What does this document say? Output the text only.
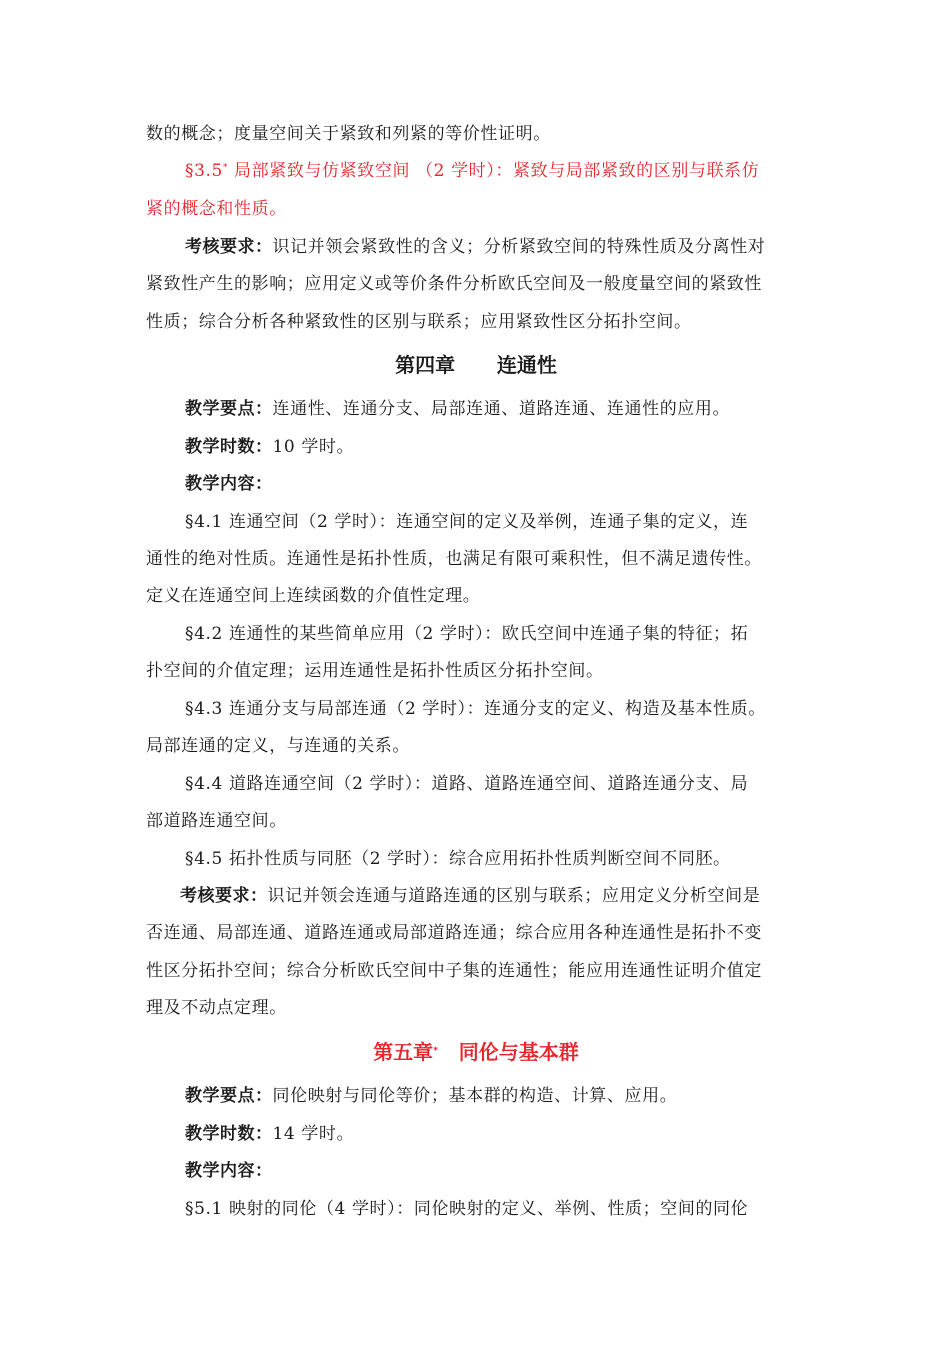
数的概念；度量空间关于紧致和列紧的等价性证明。
§3.5* 局部紧致与仿紧致空间 （2 学时）：紧致与局部紧致的区别与联系仿
紧的概念和性质。
考核要求：识记并领会紧致性的含义；分析紧致空间的特殊性质及分离性对
紧致性产生的影响；应用定义或等价条件分析欧氏空间及一般度量空间的紧致性
性质；综合分析各种紧致性的区别与联系；应用紧致性区分拓扑空间。
第四章      连通性
教学要点：连通性、连通分支、局部连通、道路连通、连通性的应用。
教学时数：10 学时。
教学内容：
§4.1 连通空间（2 学时）：连通空间的定义及举例，连通子集的定义，连
通性的绝对性质。连通性是拓扑性质，也满足有限可乘积性，但不满足遗传性。
定义在连通空间上连续函数的介值性定理。
§4.2 连通性的某些简单应用（2 学时）：欧氏空间中连通子集的特征；拓
扑空间的介值定理；运用连通性是拓扑性质区分拓扑空间。
§4.3 连通分支与局部连通（2 学时）：连通分支的定义、构造及基本性质。
局部连通的定义，与连通的关系。
§4.4 道路连通空间（2 学时）：道路、道路连通空间、道路连通分支、局
部道路连通空间。
§4.5 拓扑性质与同胚（2 学时）：综合应用拓扑性质判断空间不同胚。
考核要求：识记并领会连通与道路连通的区别与联系；应用定义分析空间是
否连通、局部连通、道路连通或局部道路连通；综合应用各种连通性是拓扑不变
性区分拓扑空间；综合分析欧氏空间中子集的连通性；能应用连通性证明介值定
理及不动点定理。
第五章*   同伦与基本群
教学要点：同伦映射与同伦等价；基本群的构造、计算、应用。
教学时数：14 学时。
教学内容：
§5.1 映射的同伦（4 学时）：同伦映射的定义、举例、性质；空间的同伦
